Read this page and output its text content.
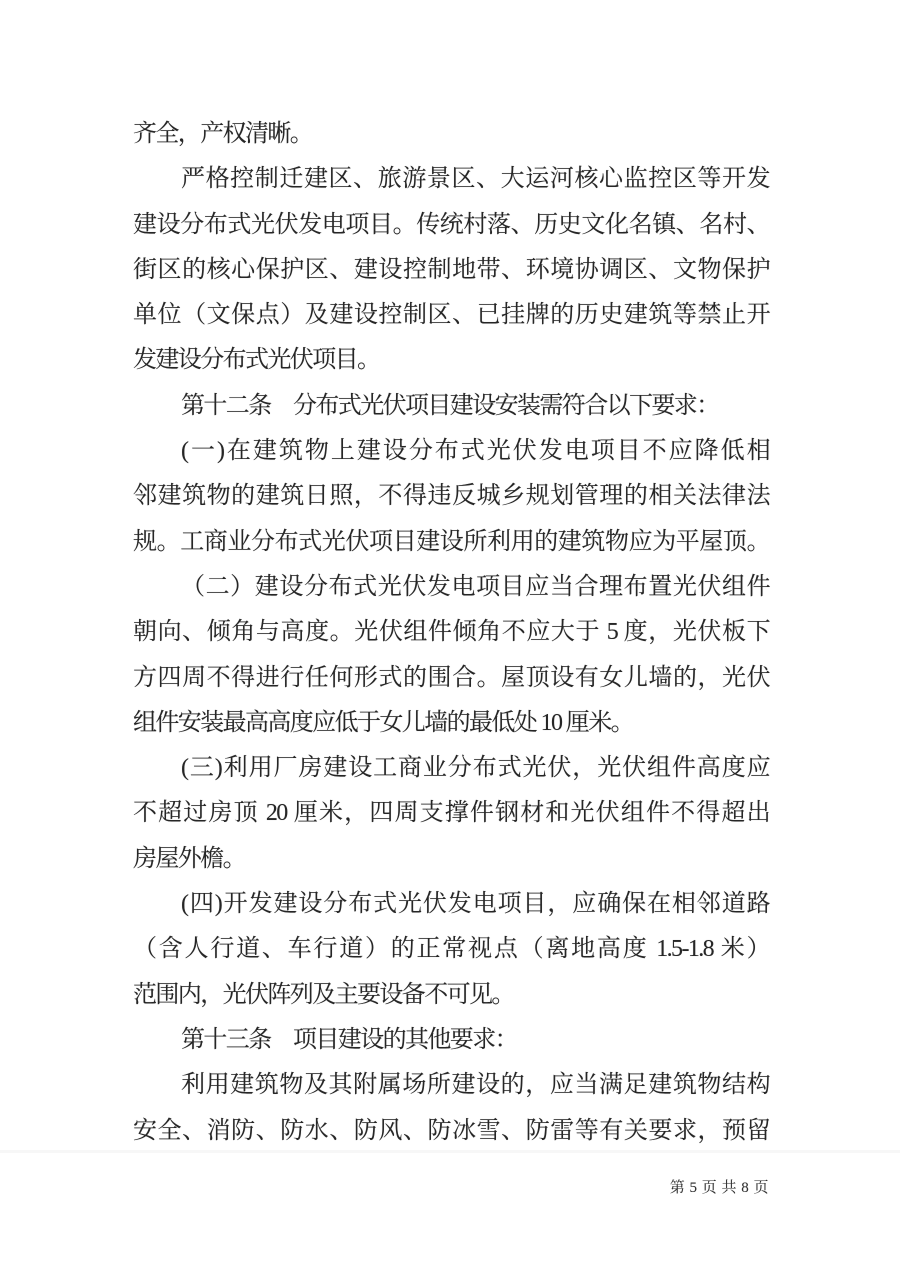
齐全，产权清晰。
严格控制迁建区、旅游景区、大运河核心监控区等开发
建设分布式光伏发电项目。传统村落、历史文化名镇、名村、
街区的核心保护区、建设控制地带、环境协调区、文物保护
单位（文保点）及建设控制区、已挂牌的历史建筑等禁止开
发建设分布式光伏项目。
第十二条　分布式光伏项目建设安装需符合以下要求：
(一)在建筑物上建设分布式光伏发电项目不应降低相
邻建筑物的建筑日照，不得违反城乡规划管理的相关法律法
规。工商业分布式光伏项目建设所利用的建筑物应为平屋顶。
（二）建设分布式光伏发电项目应当合理布置光伏组件
朝向、倾角与高度。光伏组件倾角不应大于 5 度，光伏板下
方四周不得进行任何形式的围合。屋顶设有女儿墙的，光伏
组件安装最高高度应低于女儿墙的最低处 10 厘米。
(三)利用厂房建设工商业分布式光伏，光伏组件高度应
不超过房顶 20 厘米，四周支撑件钢材和光伏组件不得超出
房屋外檐。
(四)开发建设分布式光伏发电项目，应确保在相邻道路
（含人行道、车行道）的正常视点（离地高度 1.5-1.8 米）
范围内，光伏阵列及主要设备不可见。
第十三条　项目建设的其他要求：
利用建筑物及其附属场所建设的，应当满足建筑物结构
安全、消防、防水、防风、防冰雪、防雷等有关要求，预留
第 5 页 共 8 页
